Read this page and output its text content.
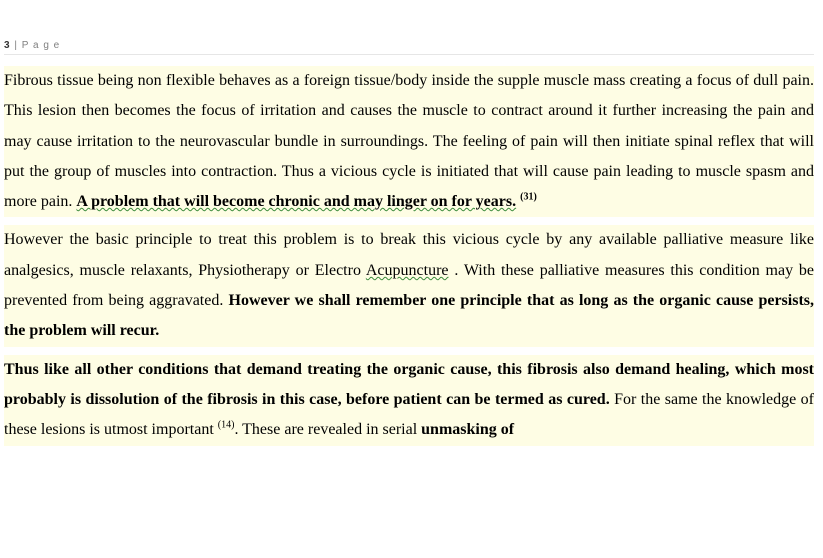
3 | P a g e

Fibrous tissue being non flexible behaves as a foreign tissue/body inside the supple muscle mass creating a focus of dull pain. This lesion then becomes the focus of irritation and causes the muscle to contract around it further increasing the pain and may cause irritation to the neurovascular bundle in surroundings. The feeling of pain will then initiate spinal reflex that will put the group of muscles into contraction. Thus a vicious cycle is initiated that will cause pain leading to muscle spasm and more pain. A problem that will become chronic and may linger on for years. $^{(31)}$

However the basic principle to treat this problem is to break this vicious cycle by any available palliative measure like analgesics, muscle relaxants, Physiotherapy or Electro Acupuncture . With these palliative measures this condition may be prevented from being aggravated. However we shall remember one principle that as long as the organic cause persists, the problem will recur.

Thus like all other conditions that demand treating the organic cause, this fibrosis also demand healing, which most probably is dissolution of the fibrosis in this case, before patient can be termed as cured. For the same the knowledge of these lesions is utmost important $^{(14)}$. These are revealed in serial unmasking of
